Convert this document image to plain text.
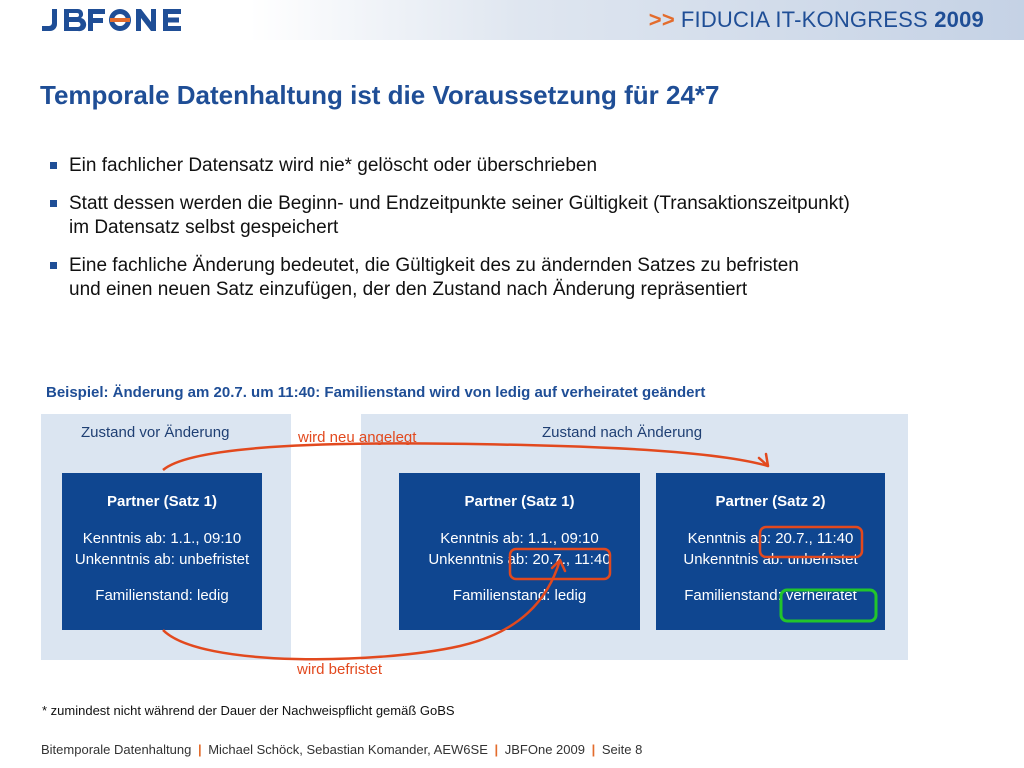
>> FIDUCIA IT-KONGRESS 2009
Temporale Datenhaltung ist die Voraussetzung für 24*7
Ein fachlicher Datensatz wird nie* gelöscht oder überschrieben
Statt dessen werden die Beginn- und Endzeitpunkte seiner Gültigkeit (Transaktionszeitpunkt)
im Datensatz selbst gespeichert
Eine fachliche Änderung bedeutet, die Gültigkeit des zu ändernden Satzes zu befristen
und einen neuen Satz einzufügen, der den Zustand nach Änderung repräsentiert
Beispiel: Änderung am 20.7. um 11:40: Familienstand wird von ledig auf verheiratet geändert
Zustand vor Änderung	Zustand nach Änderung
Partner (Satz 1)
Kenntnis ab: 1.1., 09:10
Unkenntnis ab: unbefristet
Familienstand: ledig
Partner (Satz 1)
Kenntnis ab: 1.1., 09:10
Unkenntnis ab: 20.7., 11:40
Familienstand: ledig
Partner (Satz 2)
Kenntnis ab: 20.7., 11:40
Unkenntnis ab: unbefristet
Familienstand: verheiratet
wird neu angelegt
wird befristet
* zumindest nicht während der Dauer der Nachweispflicht gemäß GoBS
Bitemporale Datenhaltung | Michael Schöck, Sebastian Komander, AEW6SE | JBFOne 2009 | Seite 8
